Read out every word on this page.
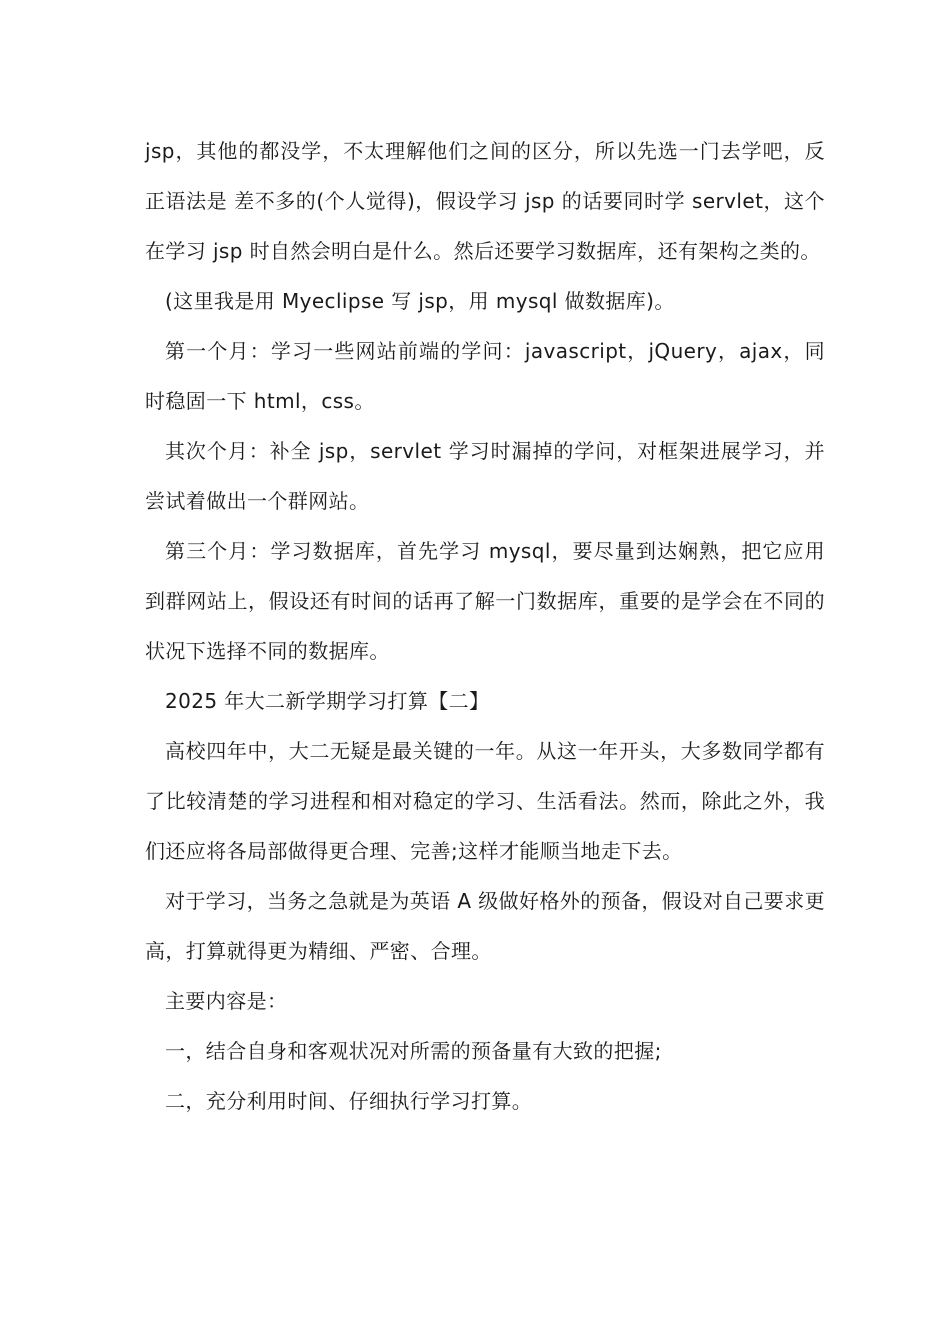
jsp，其他的都没学，不太理解他们之间的区分，所以先选一门去学吧，反正语法是 差不多的(个人觉得)，假设学习 jsp 的话要同时学 servlet，这个在学习 jsp 时自然会明白是什么。然后还要学习数据库，还有架构之类的。

(这里我是用 Myeclipse 写 jsp，用 mysql 做数据库)。

第一个月：学习一些网站前端的学问：javascript，jQuery，ajax，同时稳固一下 html，css。

其次个月：补全 jsp，servlet 学习时漏掉的学问，对框架进展学习，并尝试着做出一个群网站。

第三个月：学习数据库，首先学习 mysql，要尽量到达娴熟，把它应用到群网站上，假设还有时间的话再了解一门数据库，重要的是学会在不同的状况下选择不同的数据库。

2025 年大二新学期学习打算【二】

高校四年中，大二无疑是最关键的一年。从这一年开头，大多数同学都有了比较清楚的学习进程和相对稳定的学习、生活看法。然而，除此之外，我们还应将各局部做得更合理、完善;这样才能顺当地走下去。

对于学习，当务之急就是为英语 A 级做好格外的预备，假设对自己要求更高，打算就得更为精细、严密、合理。

主要内容是：

一，结合自身和客观状况对所需的预备量有大致的把握;

二，充分利用时间、仔细执行学习打算。
